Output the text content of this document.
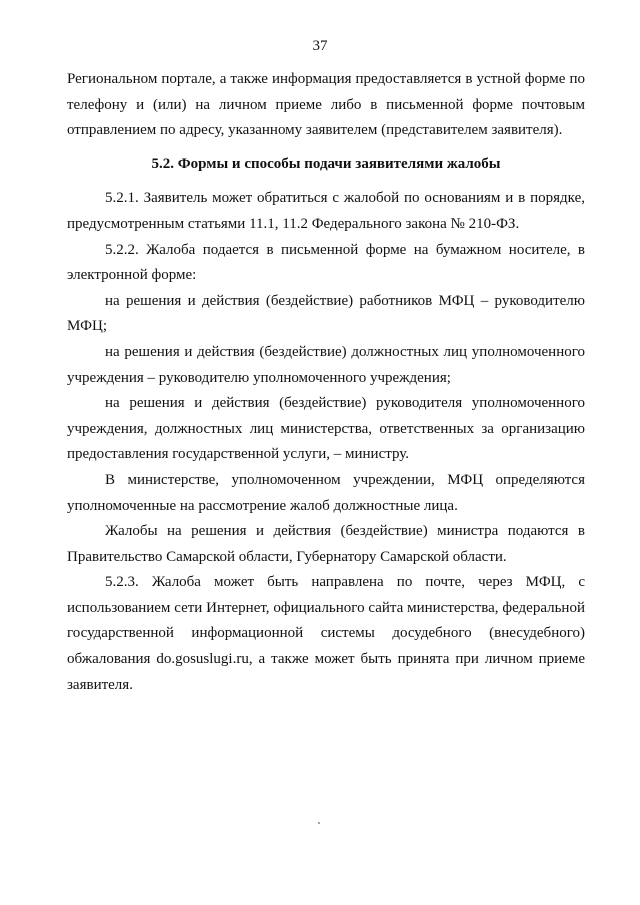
37

Региональном портале, а также информация предоставляется в устной форме по телефону и (или) на личном приеме либо в письменной форме почтовым отправлением по адресу, указанному заявителем (представителем заявителя).

5.2. Формы и способы подачи заявителями жалобы

5.2.1. Заявитель может обратиться с жалобой по основаниям и в порядке, предусмотренным статьями 11.1, 11.2 Федерального закона № 210-ФЗ.

5.2.2. Жалоба подается в письменной форме на бумажном носителе, в электронной форме:

на решения и действия (бездействие) работников МФЦ – руководителю МФЦ;

на решения и действия (бездействие) должностных лиц уполномоченного учреждения – руководителю уполномоченного учреждения;

на решения и действия (бездействие) руководителя уполномоченного учреждения, должностных лиц министерства, ответственных за организацию предоставления государственной услуги, – министру.

В министерстве, уполномоченном учреждении, МФЦ определяются уполномоченные на рассмотрение жалоб должностные лица.

Жалобы на решения и действия (бездействие) министра подаются в Правительство Самарской области, Губернатору Самарской области.

5.2.3. Жалоба может быть направлена по почте, через МФЦ, с использованием сети Интернет, официального сайта министерства, федеральной государственной информационной системы досудебного (внесудебного) обжалования do.gosuslugi.ru, а также может быть принята при личном приеме заявителя.
